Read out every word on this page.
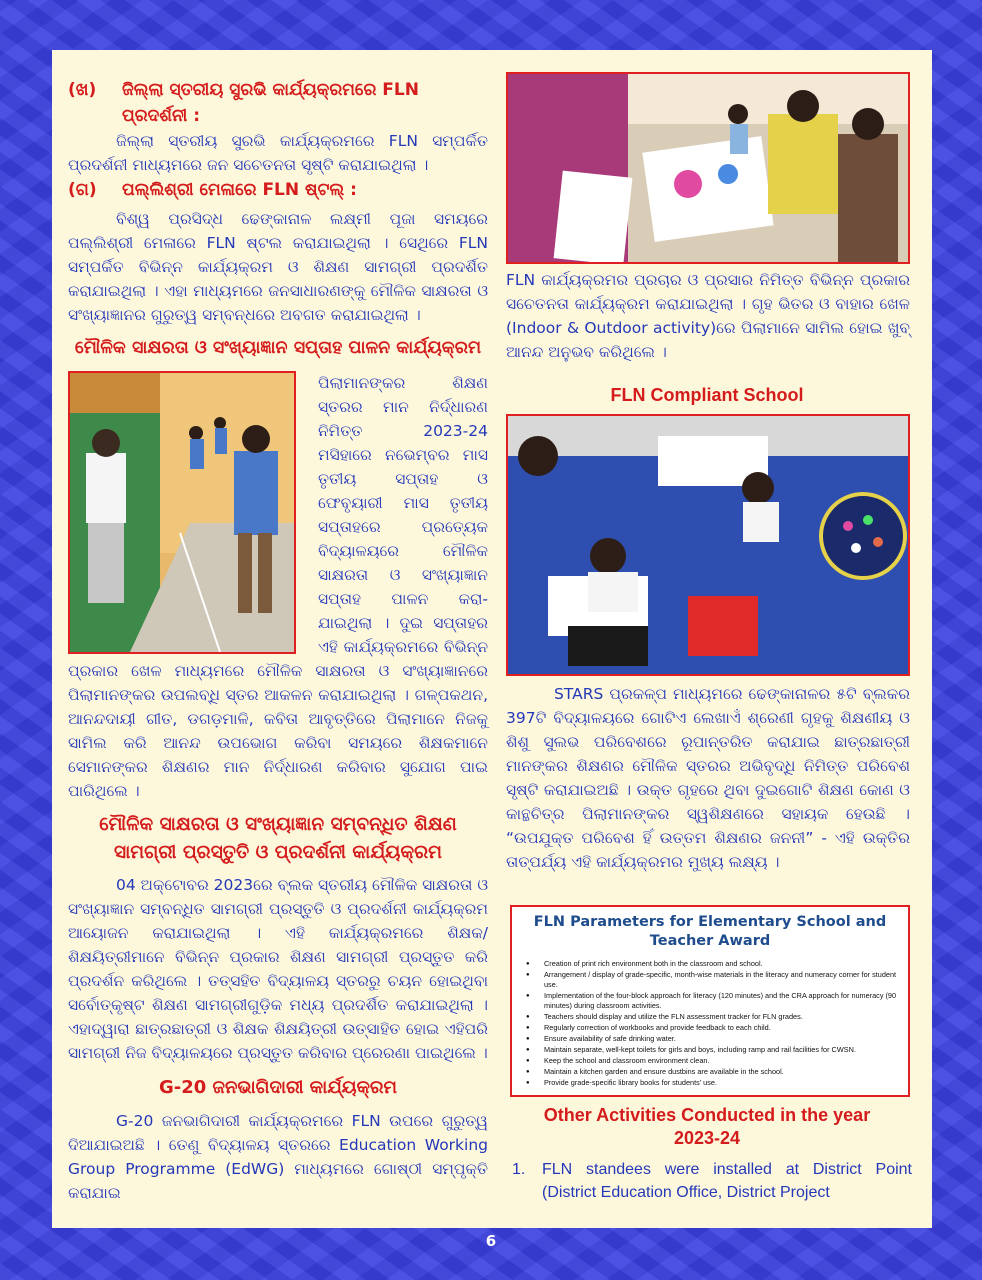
(ଖ)	ଜିଲ୍ଲା ସ୍ତରୀୟ ସୁରଭି କାର୍ଯ୍ୟକ୍ରମରେ FLN ପ୍ରଦର୍ଶନୀ :

ଜିଲ୍ଲା ସ୍ତରୀୟ ସୁରଭି କାର୍ଯ୍ୟକ୍ରମରେ FLN ସମ୍ପର୍କିତ ପ୍ରଦର୍ଶନୀ ମାଧ୍ୟମରେ ଜନ ସଚେତନତା ସୃଷ୍ଟି କରାଯାଇଥିଲା ।

(ଗ)	ପଲ୍ଲିଶ୍ରୀ ମେଳାରେ FLN ଷ୍ଟଲ୍ :

ବିଶ୍ୱ ପ୍ରସିଦ୍ଧ ଢେଙ୍କାନାଳ ଲକ୍ଷ୍ମୀ ପୂଜା ସମୟରେ ପଲ୍ଲିଶ୍ରୀ ମେଳାରେ FLN ଷ୍ଟଲ କରାଯାଇଥିଲା । ସେଥିରେ FLN ସମ୍ପର୍କିତ ବିଭିନ୍ନ କାର୍ଯ୍ୟକ୍ରମ ଓ ଶିକ୍ଷଣ ସାମଗ୍ରୀ ପ୍ରଦର୍ଶିତ କରାଯାଇଥିଲା । ଏହା ମାଧ୍ୟମରେ ଜନସାଧାରଣଙ୍କୁ ମୌଳିକ ସାକ୍ଷରତା ଓ ସଂଖ୍ୟାଜ୍ଞାନର ଗୁରୁତ୍ୱ ସମ୍ବନ୍ଧରେ ଅବଗତ କରାଯାଇଥିଲା ।

ମୌଳିକ ସାକ୍ଷରତା ଓ ସଂଖ୍ୟାଜ୍ଞାନ ସପ୍ତାହ ପାଳନ କାର୍ଯ୍ୟକ୍ରମ

ପିଲାମାନଙ୍କର ଶିକ୍ଷଣ ସ୍ତରର ମାନ ନିର୍ଦ୍ଧାରଣ ନିମିତ୍ତ 2023-24 ମସିହାରେ ନଭେମ୍ବର ମାସ ତୃତୀୟ ସପ୍ତାହ ଓ ଫେବୃୟାରୀ ମାସ ତୃତୀୟ ସପ୍ତାହରେ ପ୍ରତ୍ୟେକ ବିଦ୍ୟାଳୟରେ ମୌଳିକ ସାକ୍ଷରତା ଓ ସଂଖ୍ୟାଜ୍ଞାନ ସପ୍ତାହ ପାଳନ କରା-ଯାଇଥିଲା । ଦୁଇ ସପ୍ତାହର ଏହି କାର୍ଯ୍ୟକ୍ରମରେ ବିଭିନ୍ନ ପ୍ରକାର ଖେଳ ମାଧ୍ୟମରେ ମୌଳିକ ସାକ୍ଷରତା ଓ ସଂଖ୍ୟାଜ୍ଞାନରେ ପିଲାମାନଙ୍କର ଉପଲବ୍ଧି ସ୍ତର ଆକଳନ କରାଯାଇଥିଲା । ଗଳ୍ପକଥନ, ଆନନ୍ଦଦାୟୀ ଗୀତ, ଡଗଡ଼ମାଳି, କବିତା ଆବୃତ୍ତିରେ ପିଲାମାନେ ନିଜକୁ ସାମିଲ କରି ଆନନ୍ଦ ଉପଭୋଗ କରିବା ସମୟରେ ଶିକ୍ଷକମାନେ ସେମାନଙ୍କର ଶିକ୍ଷଣର ମାନ ନିର୍ଦ୍ଧାରଣ କରିବାର ସୁଯୋଗ ପାଇ ପାରିଥିଲେ ।

ମୌଳିକ ସାକ୍ଷରତା ଓ ସଂଖ୍ୟାଜ୍ଞାନ ସମ୍ବନ୍ଧିତ ଶିକ୍ଷଣ
ସାମଗ୍ରୀ ପ୍ରସ୍ତୁତି ଓ ପ୍ରଦର୍ଶନୀ କାର୍ଯ୍ୟକ୍ରମ

04 ଅକ୍ଟୋବର 2023ରେ ବ୍ଲକ ସ୍ତରୀୟ ମୌଳିକ ସାକ୍ଷରତା ଓ ସଂଖ୍ୟାଜ୍ଞାନ ସମ୍ବନ୍ଧିତ ସାମଗ୍ରୀ ପ୍ରସ୍ତୁତି ଓ ପ୍ରଦର୍ଶନୀ କାର୍ଯ୍ୟକ୍ରମ ଆୟୋଜନ କରାଯାଇଥିଲା । ଏହି କାର୍ଯ୍ୟକ୍ରମରେ ଶିକ୍ଷକ/ଶିକ୍ଷୟିତ୍ରୀମାନେ ବିଭିନ୍ନ ପ୍ରକାର ଶିକ୍ଷଣ ସାମଗ୍ରୀ ପ୍ରସ୍ତୁତ କରି ପ୍ରଦର୍ଶନ କରିଥିଲେ । ତତ୍ସହିତ ବିଦ୍ୟାଳୟ ସ୍ତରରୁ ଚୟନ ହୋଇଥିବା ସର୍ବୋତ୍କୃଷ୍ଟ ଶିକ୍ଷଣ ସାମଗ୍ରୀଗୁଡ଼ିକ ମଧ୍ୟ ପ୍ରଦର୍ଶିତ କରାଯାଇଥିଲା । ଏହାଦ୍ୱାରା ଛାତ୍ରଛାତ୍ରୀ ଓ ଶିକ୍ଷକ ଶିକ୍ଷୟିତ୍ରୀ ଉତ୍ସାହିତ ହୋଇ ଏହିପରି ସାମଗ୍ରୀ ନିଜ ବିଦ୍ୟାଳୟରେ ପ୍ରସ୍ତୁତ କରିବାର ପ୍ରେରଣା ପାଇଥିଲେ ।

G-20 ଜନଭାଗିଦାରୀ କାର୍ଯ୍ୟକ୍ରମ

G-20 ଜନଭାଗିଦାରୀ କାର୍ଯ୍ୟକ୍ରମରେ FLN ଉପରେ ଗୁରୁତ୍ୱ ଦିଆଯାଇଅଛି । ତେଣୁ ବିଦ୍ୟାଳୟ ସ୍ତରରେ Education Working Group Programme (EdWG) ମାଧ୍ୟମରେ ଗୋଷ୍ଠୀ ସମ୍ପୃକ୍ତି କରାଯାଇ

FLN କାର୍ଯ୍ୟକ୍ରମର ପ୍ରଚାର ଓ ପ୍ରସାର ନିମିତ୍ତ ବିଭିନ୍ନ ପ୍ରକାର ସଚେତନତା କାର୍ଯ୍ୟକ୍ରମ କରାଯାଇଥିଲା । ଗୃହ ଭିତର ଓ ବାହାର ଖେଳ (Indoor & Outdoor activity)ରେ ପିଲାମାନେ ସାମିଲ ହୋଇ ଖୁବ୍ ଆନନ୍ଦ ଅନୁଭବ କରିଥିଲେ ।

FLN Compliant School

STARS ପ୍ରକଳ୍ପ ମାଧ୍ୟମରେ ଢେଙ୍କାନାଳର ୫ଟି ବ୍ଲକର 397ଟି ବିଦ୍ୟାଳୟରେ ଗୋଟିଏ ଲେଖାଏଁ ଶ୍ରେଣୀ ଗୃହକୁ ଶିକ୍ଷଣୀୟ ଓ ଶିଶୁ ସୁଲଭ ପରିବେଶରେ ରୂପାନ୍ତରିତ କରାଯାଇ ଛାତ୍ରଛାତ୍ରୀ ମାନଙ୍କର ଶିକ୍ଷଣର ମୌଳିକ ସ୍ତରର ଅଭିବୃଦ୍ଧି ନିମିତ୍ତ ପରିବେଶ ସୃଷ୍ଟି କରାଯାଇଅଛି । ଉକ୍ତ ଗୃହରେ ଥିବା ଦୁଇଗୋଟି ଶିକ୍ଷଣ କୋଣ ଓ କାନ୍ଥଚିତ୍ର ପିଲାମାନଙ୍କର ସ୍ୱଶିକ୍ଷଣରେ ସହାୟକ ହେଉଛି । “ଉପଯୁକ୍ତ ପରିବେଶ ହିଁ ଉତ୍ତମ ଶିକ୍ଷଣର ଜନନୀ” - ଏହି ଉକ୍ତିର ତାତ୍ପର୍ଯ୍ୟ ଏହି କାର୍ଯ୍ୟକ୍ରମର ମୁଖ୍ୟ ଲକ୍ଷ୍ୟ ।

FLN Parameters for Elementary School and Teacher Award
● Creation of print rich environment both in the classroom and school.
● Arrangement / display of grade-specific, month-wise materials in the literacy and numeracy corner for student use.
● Implementation of the four-block approach for literacy (120 minutes) and the CRA approach for numeracy (90 minutes) during classroom activities.
● Teachers should display and utilize the FLN assessment tracker for FLN grades.
● Regularly correction of workbooks and provide feedback to each child.
● Ensure availability of safe drinking water.
● Maintain separate, well-kept toilets for girls and boys, including ramp and rail facilities for CWSN.
● Keep the school and classroom environment clean.
● Maintain a kitchen garden and ensure dustbins are available in the school.
● Provide grade-specific library books for students' use.
Other Activities Conducted in the year
2023-24
1.	FLN standees were installed at District Point (District Education Office, District Project
6
